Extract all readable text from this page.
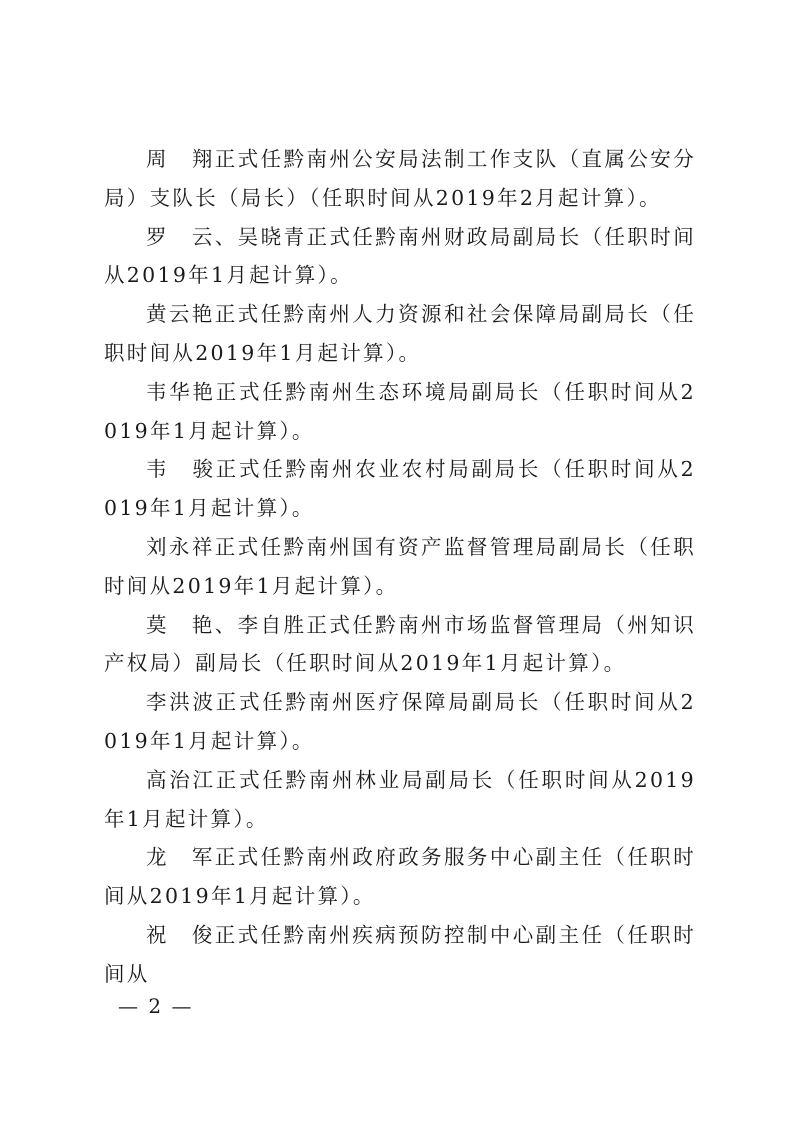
周　翔正式任黔南州公安局法制工作支队（直属公安分局）支队长（局长）（任职时间从2019年2月起计算）。

罗　云、吴晓青正式任黔南州财政局副局长（任职时间从2019年1月起计算）。

黄云艳正式任黔南州人力资源和社会保障局副局长（任职时间从2019年1月起计算）。

韦华艳正式任黔南州生态环境局副局长（任职时间从2019年1月起计算）。

韦　骏正式任黔南州农业农村局副局长（任职时间从2019年1月起计算）。

刘永祥正式任黔南州国有资产监督管理局副局长（任职时间从2019年1月起计算）。

莫　艳、李自胜正式任黔南州市场监督管理局（州知识产权局）副局长（任职时间从2019年1月起计算）。

李洪波正式任黔南州医疗保障局副局长（任职时间从2019年1月起计算）。

高治江正式任黔南州林业局副局长（任职时间从2019年1月起计算）。

龙　军正式任黔南州政府政务服务中心副主任（任职时间从2019年1月起计算）。

祝　俊正式任黔南州疾病预防控制中心副主任（任职时间从

— 2 —
